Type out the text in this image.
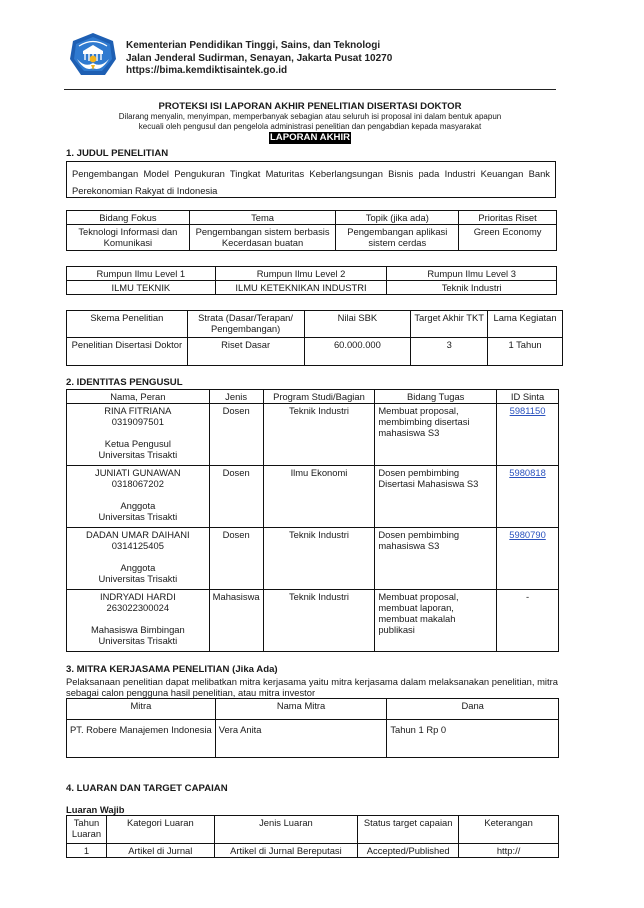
Kementerian Pendidikan Tinggi, Sains, dan Teknologi
Jalan Jenderal Sudirman, Senayan, Jakarta Pusat 10270
https://bima.kemdiktisaintek.go.id
PROTEKSI ISI LAPORAN AKHIR PENELITIAN DISERTASI DOKTOR
Dilarang menyalin, menyimpan, memperbanyak sebagian atau seluruh isi proposal ini dalam bentuk apapun
kecuali oleh pengusul dan pengelola administrasi penelitian dan pengabdian kepada masyarakat
LAPORAN AKHIR
1. JUDUL PENELITIAN
Pengembangan Model Pengukuran Tingkat Maturitas Keberlangsungan Bisnis pada Industri Keuangan Bank Perekonomian Rakyat di Indonesia
Bidang Fokus	Tema	Topik (jika ada)	Prioritas Riset
Teknologi Informasi dan Komunikasi	Pengembangan sistem berbasis Kecerdasan buatan	Pengembangan aplikasi sistem cerdas	Green Economy
Rumpun Ilmu Level 1	Rumpun Ilmu Level 2	Rumpun Ilmu Level 3
ILMU TEKNIK	ILMU KETEKNIKAN INDUSTRI	Teknik Industri
Skema Penelitian	Strata (Dasar/Terapan/ Pengembangan)	Nilai SBK	Target Akhir TKT	Lama Kegiatan
Penelitian Disertasi Doktor	Riset Dasar	60.000.000	3	1 Tahun
2. IDENTITAS PENGUSUL
Nama, Peran	Jenis	Program Studi/Bagian	Bidang Tugas	ID Sinta

RINA FITRIANA
0319097501
Ketua Pengusul
Universitas Trisakti	Dosen	Teknik Industri	Membuat proposal, membimbing disertasi mahasiswa S3	5981150

JUNIATI GUNAWAN
0318067202
Anggota
Universitas Trisakti	Dosen	Ilmu Ekonomi	Dosen pembimbing Disertasi Mahasiswa S3	5980818

DADAN UMAR DAIHANI
0314125405
Anggota
Universitas Trisakti	Dosen	Teknik Industri	Dosen pembimbing mahasiswa S3	5980790

INDRYADI HARDI
263022300024
Mahasiswa Bimbingan
Universitas Trisakti	Mahasiswa	Teknik Industri	Membuat proposal, membuat laporan, membuat makalah publikasi	-
3. MITRA KERJASAMA PENELITIAN (Jika Ada)
Pelaksanaan penelitian dapat melibatkan mitra kerjasama yaitu mitra kerjasama dalam melaksanakan penelitian, mitra sebagai calon pengguna hasil penelitian, atau mitra investor
Mitra	Nama Mitra	Dana
PT. Robere Manajemen Indonesia	Vera Anita	Tahun 1 Rp 0
4. LUARAN DAN TARGET CAPAIAN
Luaran Wajib
Tahun Luaran	Kategori Luaran	Jenis Luaran	Status target capaian	Keterangan
1	Artikel di Jurnal	Artikel di Jurnal Bereputasi	Accepted/Published	http://
